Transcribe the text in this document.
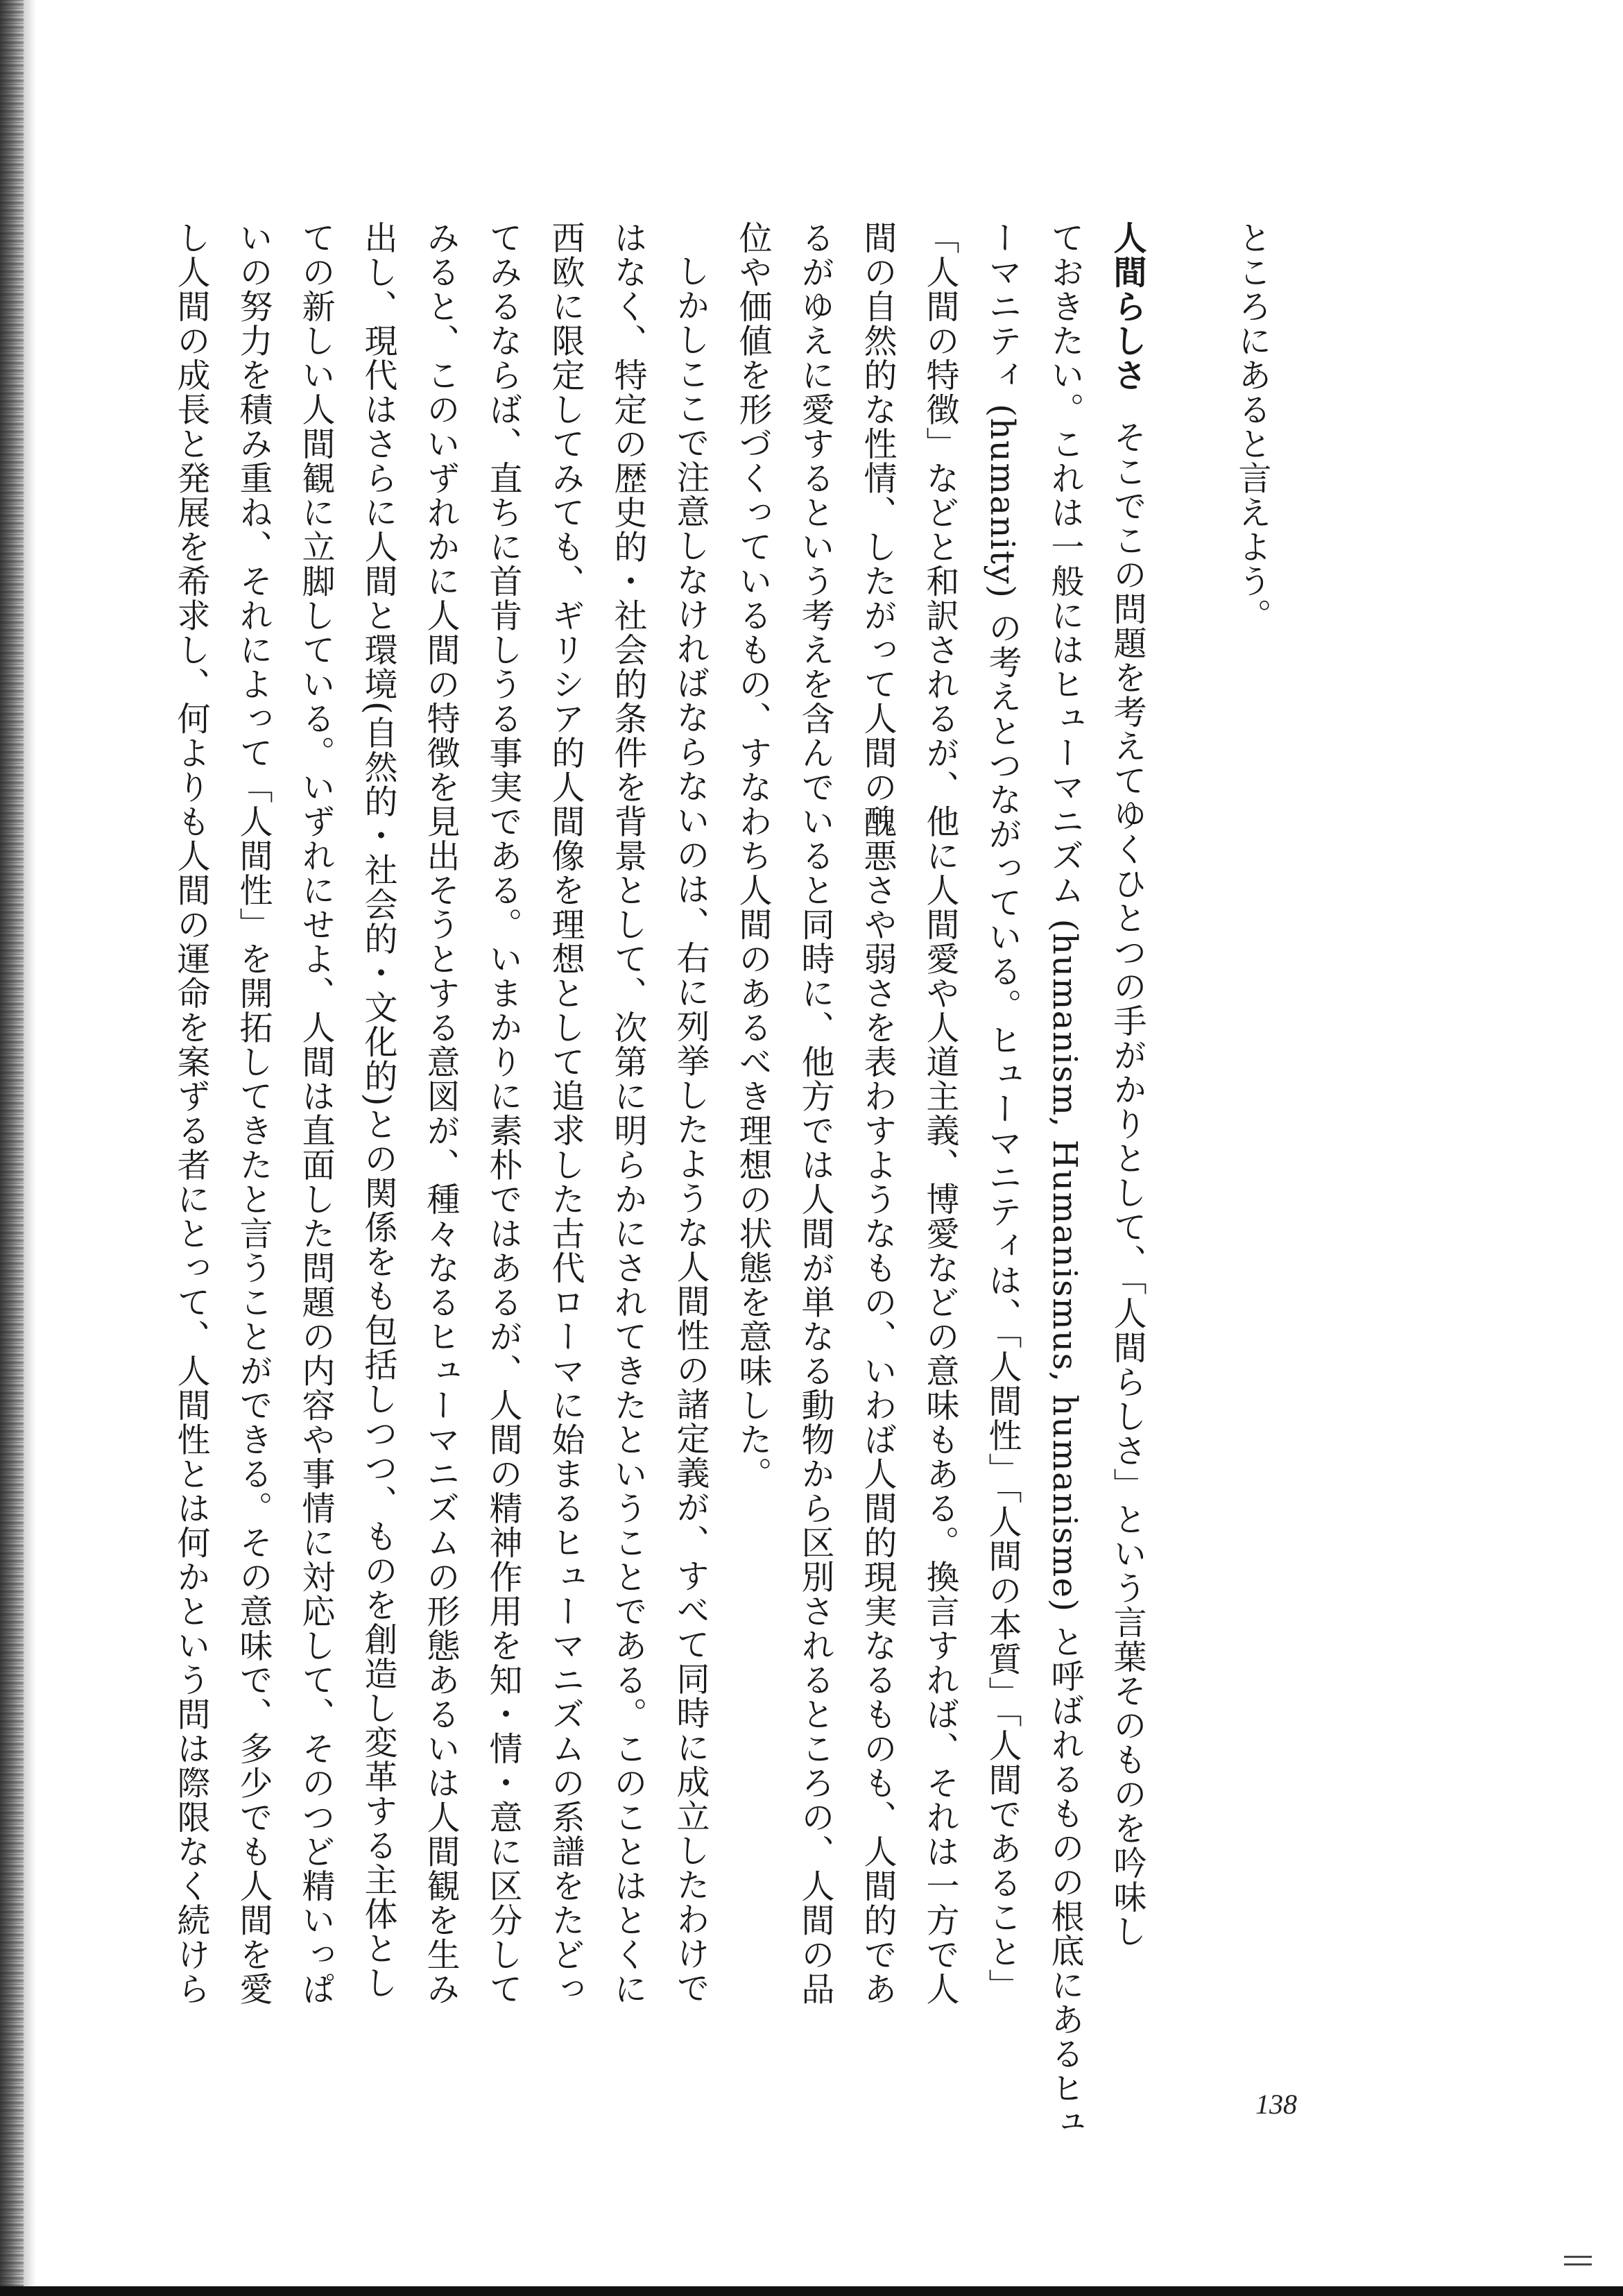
ところにあると言えよう。
人間らしさそこでこの問題を考えてゆくひとつの手がかりとして、「人間らしさ」という言葉そのものを吟味し
ておきたい。これは一般にはヒューマニズム (humanism, Humanismus, humanisme) と呼ばれるものの根底にあるヒュ
ーマニティ (humanity) の考えとつながっている。ヒューマニティは、「人間性」「人間の本質」「人間であること」
「人間の特徴」などと和訳されるが、他に人間愛や人道主義、博愛などの意味もある。換言すれば、それは一方で人
間の自然的な性情、したがって人間の醜悪さや弱さを表わすようなもの、いわば人間的現実なるものも、人間的であ
るがゆえに愛するという考えを含んでいると同時に、他方では人間が単なる動物から区別されるところの、人間の品
位や価値を形づくっているもの、すなわち人間のあるべき理想の状態を意味した。
しかしここで注意しなければならないのは、右に列挙したような人間性の諸定義が、すべて同時に成立したわけで
はなく、特定の歴史的・社会的条件を背景として、次第に明らかにされてきたということである。このことはとくに
西欧に限定してみても、ギリシア的人間像を理想として追求した古代ローマに始まるヒューマニズムの系譜をたどっ
てみるならば、直ちに首肯しうる事実である。いまかりに素朴ではあるが、人間の精神作用を知・情・意に区分して
みると、このいずれかに人間の特徴を見出そうとする意図が、種々なるヒューマニズムの形態あるいは人間観を生み
出し、現代はさらに人間と環境(自然的・社会的・文化的)との関係をも包括しつつ、ものを創造し変革する主体とし
ての新しい人間観に立脚している。いずれにせよ、人間は直面した問題の内容や事情に対応して、そのつど精いっぱ
いの努力を積み重ね、それによって「人間性」を開拓してきたと言うことができる。その意味で、多少でも人間を愛
し人間の成長と発展を希求し、何よりも人間の運命を案ずる者にとって、人間性とは何かという問は際限なく続けら
138
